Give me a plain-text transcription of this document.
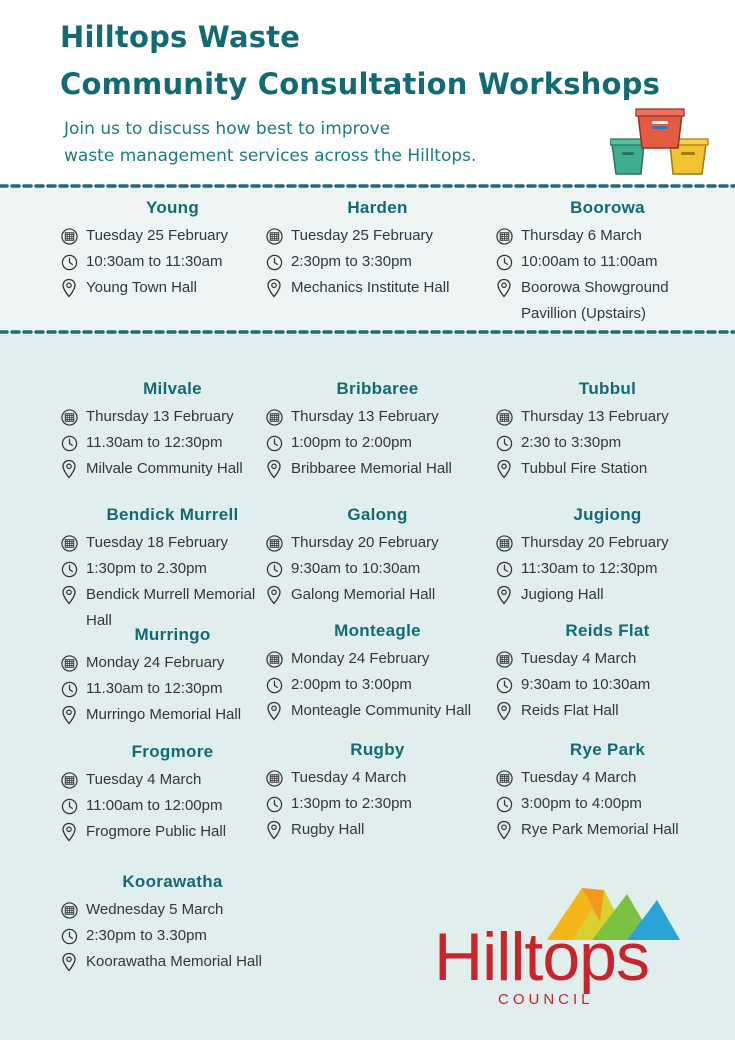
Hilltops Waste
Community Consultation Workshops
Join us to discuss how best to improve
waste management services across the Hilltops.
Young
Tuesday 25 February
10:30am to 11:30am
Young Town Hall
Harden
Tuesday 25 February
2:30pm to 3:30pm
Mechanics Institute Hall
Boorowa
Thursday 6 March
10:00am to 11:00am
Boorowa Showground Pavillion (Upstairs)
Milvale
Thursday 13 February
11.30am to 12:30pm
Milvale Community Hall
Bribbaree
Thursday 13 February
1:00pm to 2:00pm
Bribbaree Memorial Hall
Tubbul
Thursday 13 February
2:30 to 3:30pm
Tubbul Fire Station
Bendick Murrell
Tuesday 18 February
1:30pm to 2.30pm
Bendick Murrell Memorial Hall
Galong
Thursday 20 February
9:30am to 10:30am
Galong Memorial Hall
Jugiong
Thursday 20 February
11:30am to 12:30pm
Jugiong Hall
Murringo
Monday 24 February
11.30am to 12:30pm
Murringo Memorial Hall
Monteagle
Monday 24 February
2:00pm to 3:00pm
Monteagle Community Hall
Reids Flat
Tuesday 4 March
9:30am to 10:30am
Reids Flat Hall
Frogmore
Tuesday 4 March
11:00am to 12:00pm
Frogmore Public Hall
Rugby
Tuesday 4 March
1:30pm to 2:30pm
Rugby Hall
Rye Park
Tuesday 4 March
3:00pm to 4:00pm
Rye Park Memorial Hall
Koorawatha
Wednesday 5 March
2:30pm to 3.30pm
Koorawatha Memorial Hall	Hilltops
COUNCIL
